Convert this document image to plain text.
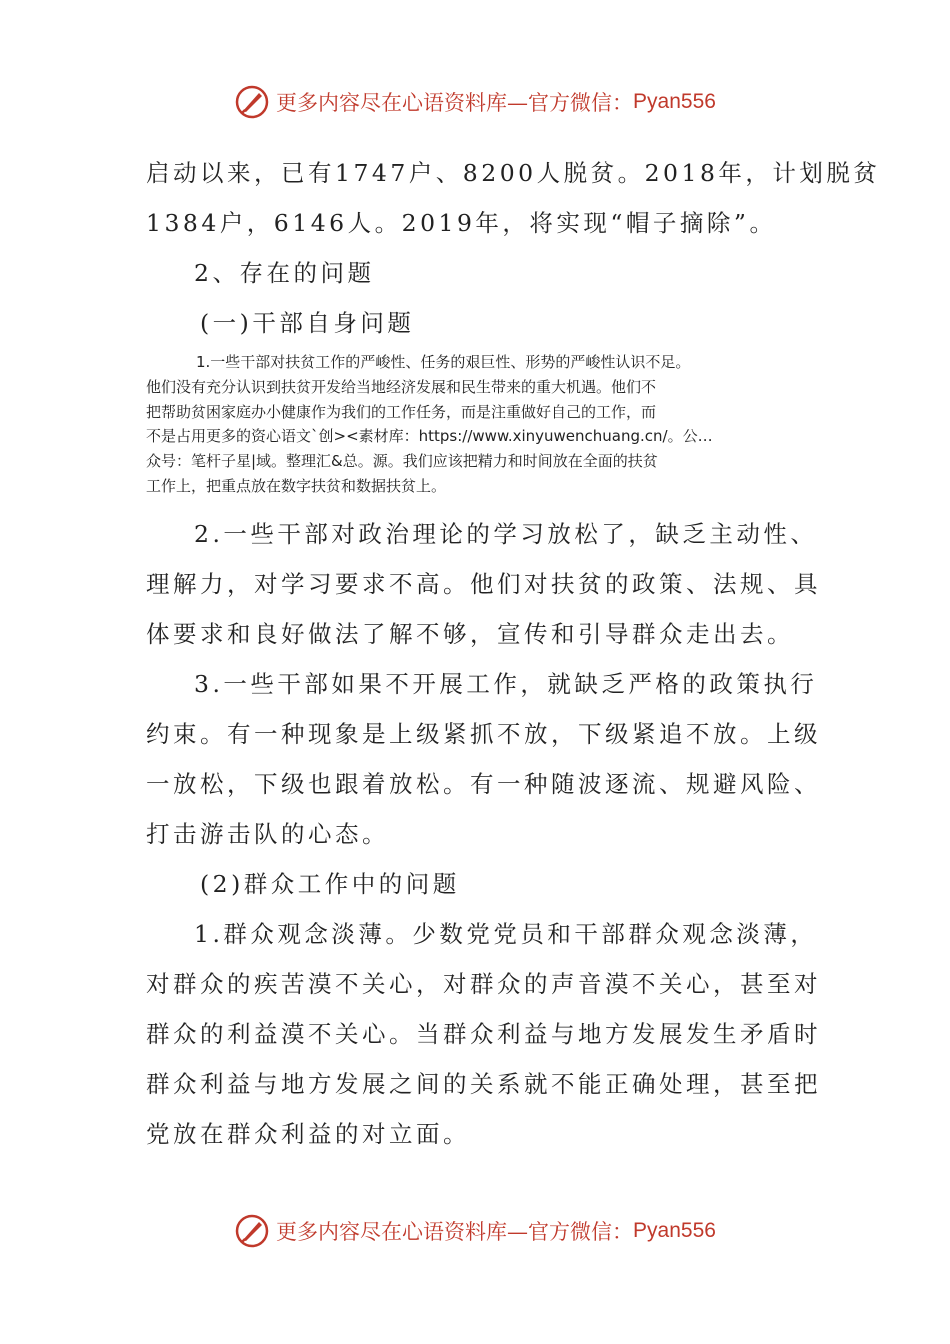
更多内容尽在心语资料库—官方微信： Pyan556
启动以来，已有1747户、8200人脱贫。2018年，计划脱贫
1384户，6146人。2019年，将实现“帽子摘除”。
2、存在的问题
(一)干部自身问题
1.一些干部对扶贫工作的严峻性、任务的艰巨性、形势的严峻性认识不足。
他们没有充分认识到扶贫开发给当地经济发展和民生带来的重大机遇。他们不
把帮助贫困家庭办小健康作为我们的工作任务，而是注重做好自己的工作，而
不是占用更多的资心语文`创><素材库：https://www.xinyuwenchuang.cn/。公…
众号：笔杆子星|域。整理汇&总。源。我们应该把精力和时间放在全面的扶贫
工作上，把重点放在数字扶贫和数据扶贫上。
2.一些干部对政治理论的学习放松了，缺乏主动性、
理解力，对学习要求不高。他们对扶贫的政策、法规、具
体要求和良好做法了解不够，宣传和引导群众走出去。
3.一些干部如果不开展工作，就缺乏严格的政策执行
约束。有一种现象是上级紧抓不放，下级紧追不放。上级
一放松，下级也跟着放松。有一种随波逐流、规避风险、
打击游击队的心态。
(2)群众工作中的问题
1.群众观念淡薄。少数党党员和干部群众观念淡薄，
对群众的疾苦漠不关心，对群众的声音漠不关心，甚至对
群众的利益漠不关心。当群众利益与地方发展发生矛盾时
群众利益与地方发展之间的关系就不能正确处理，甚至把
党放在群众利益的对立面。
更多内容尽在心语资料库—官方微信： Pyan556
